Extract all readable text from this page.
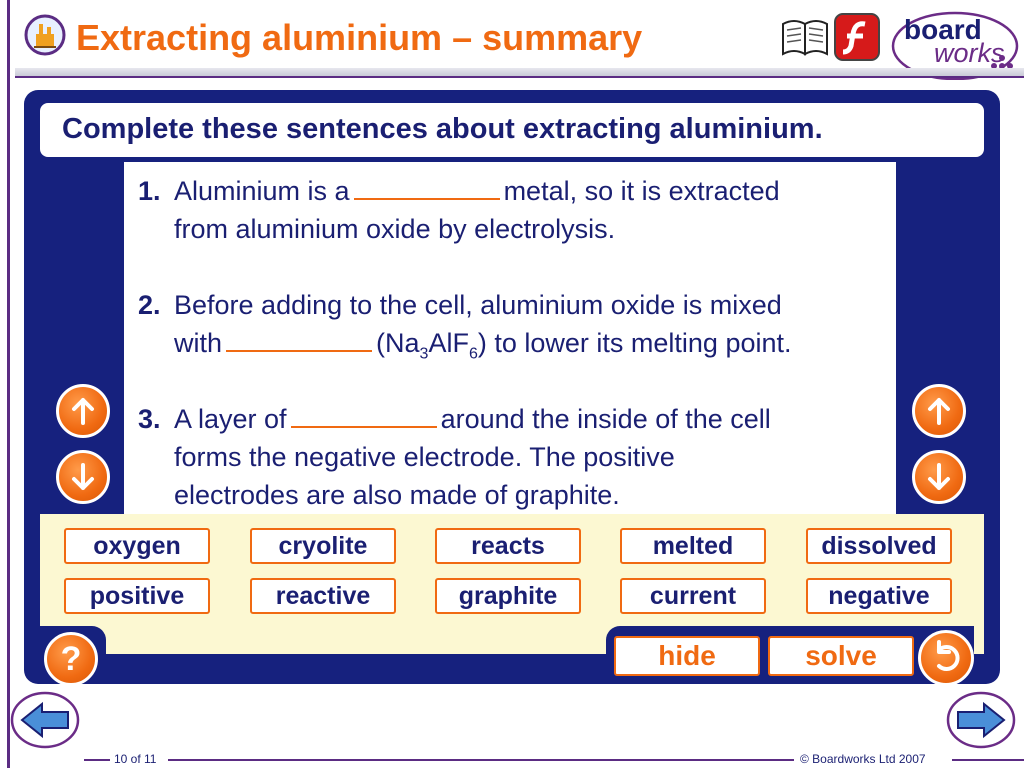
Extracting aluminium – summary	board
works
Complete these sentences about extracting aluminium.
1. Aluminium is a	metal, so it is extracted
from aluminium oxide by electrolysis.
2. Before adding to the cell, aluminium oxide is mixed
with	$(Na_3AlF_6)$ to lower its melting point.
3. A layer of	around the inside of the cell
forms the negative electrode. The positive
electrodes are also made of graphite.
oxygen	cryolite	reacts	melted	dissolved
positive	reactive	graphite	current	negative
?	hide	solve
10 of 11	© Boardworks Ltd 2007
